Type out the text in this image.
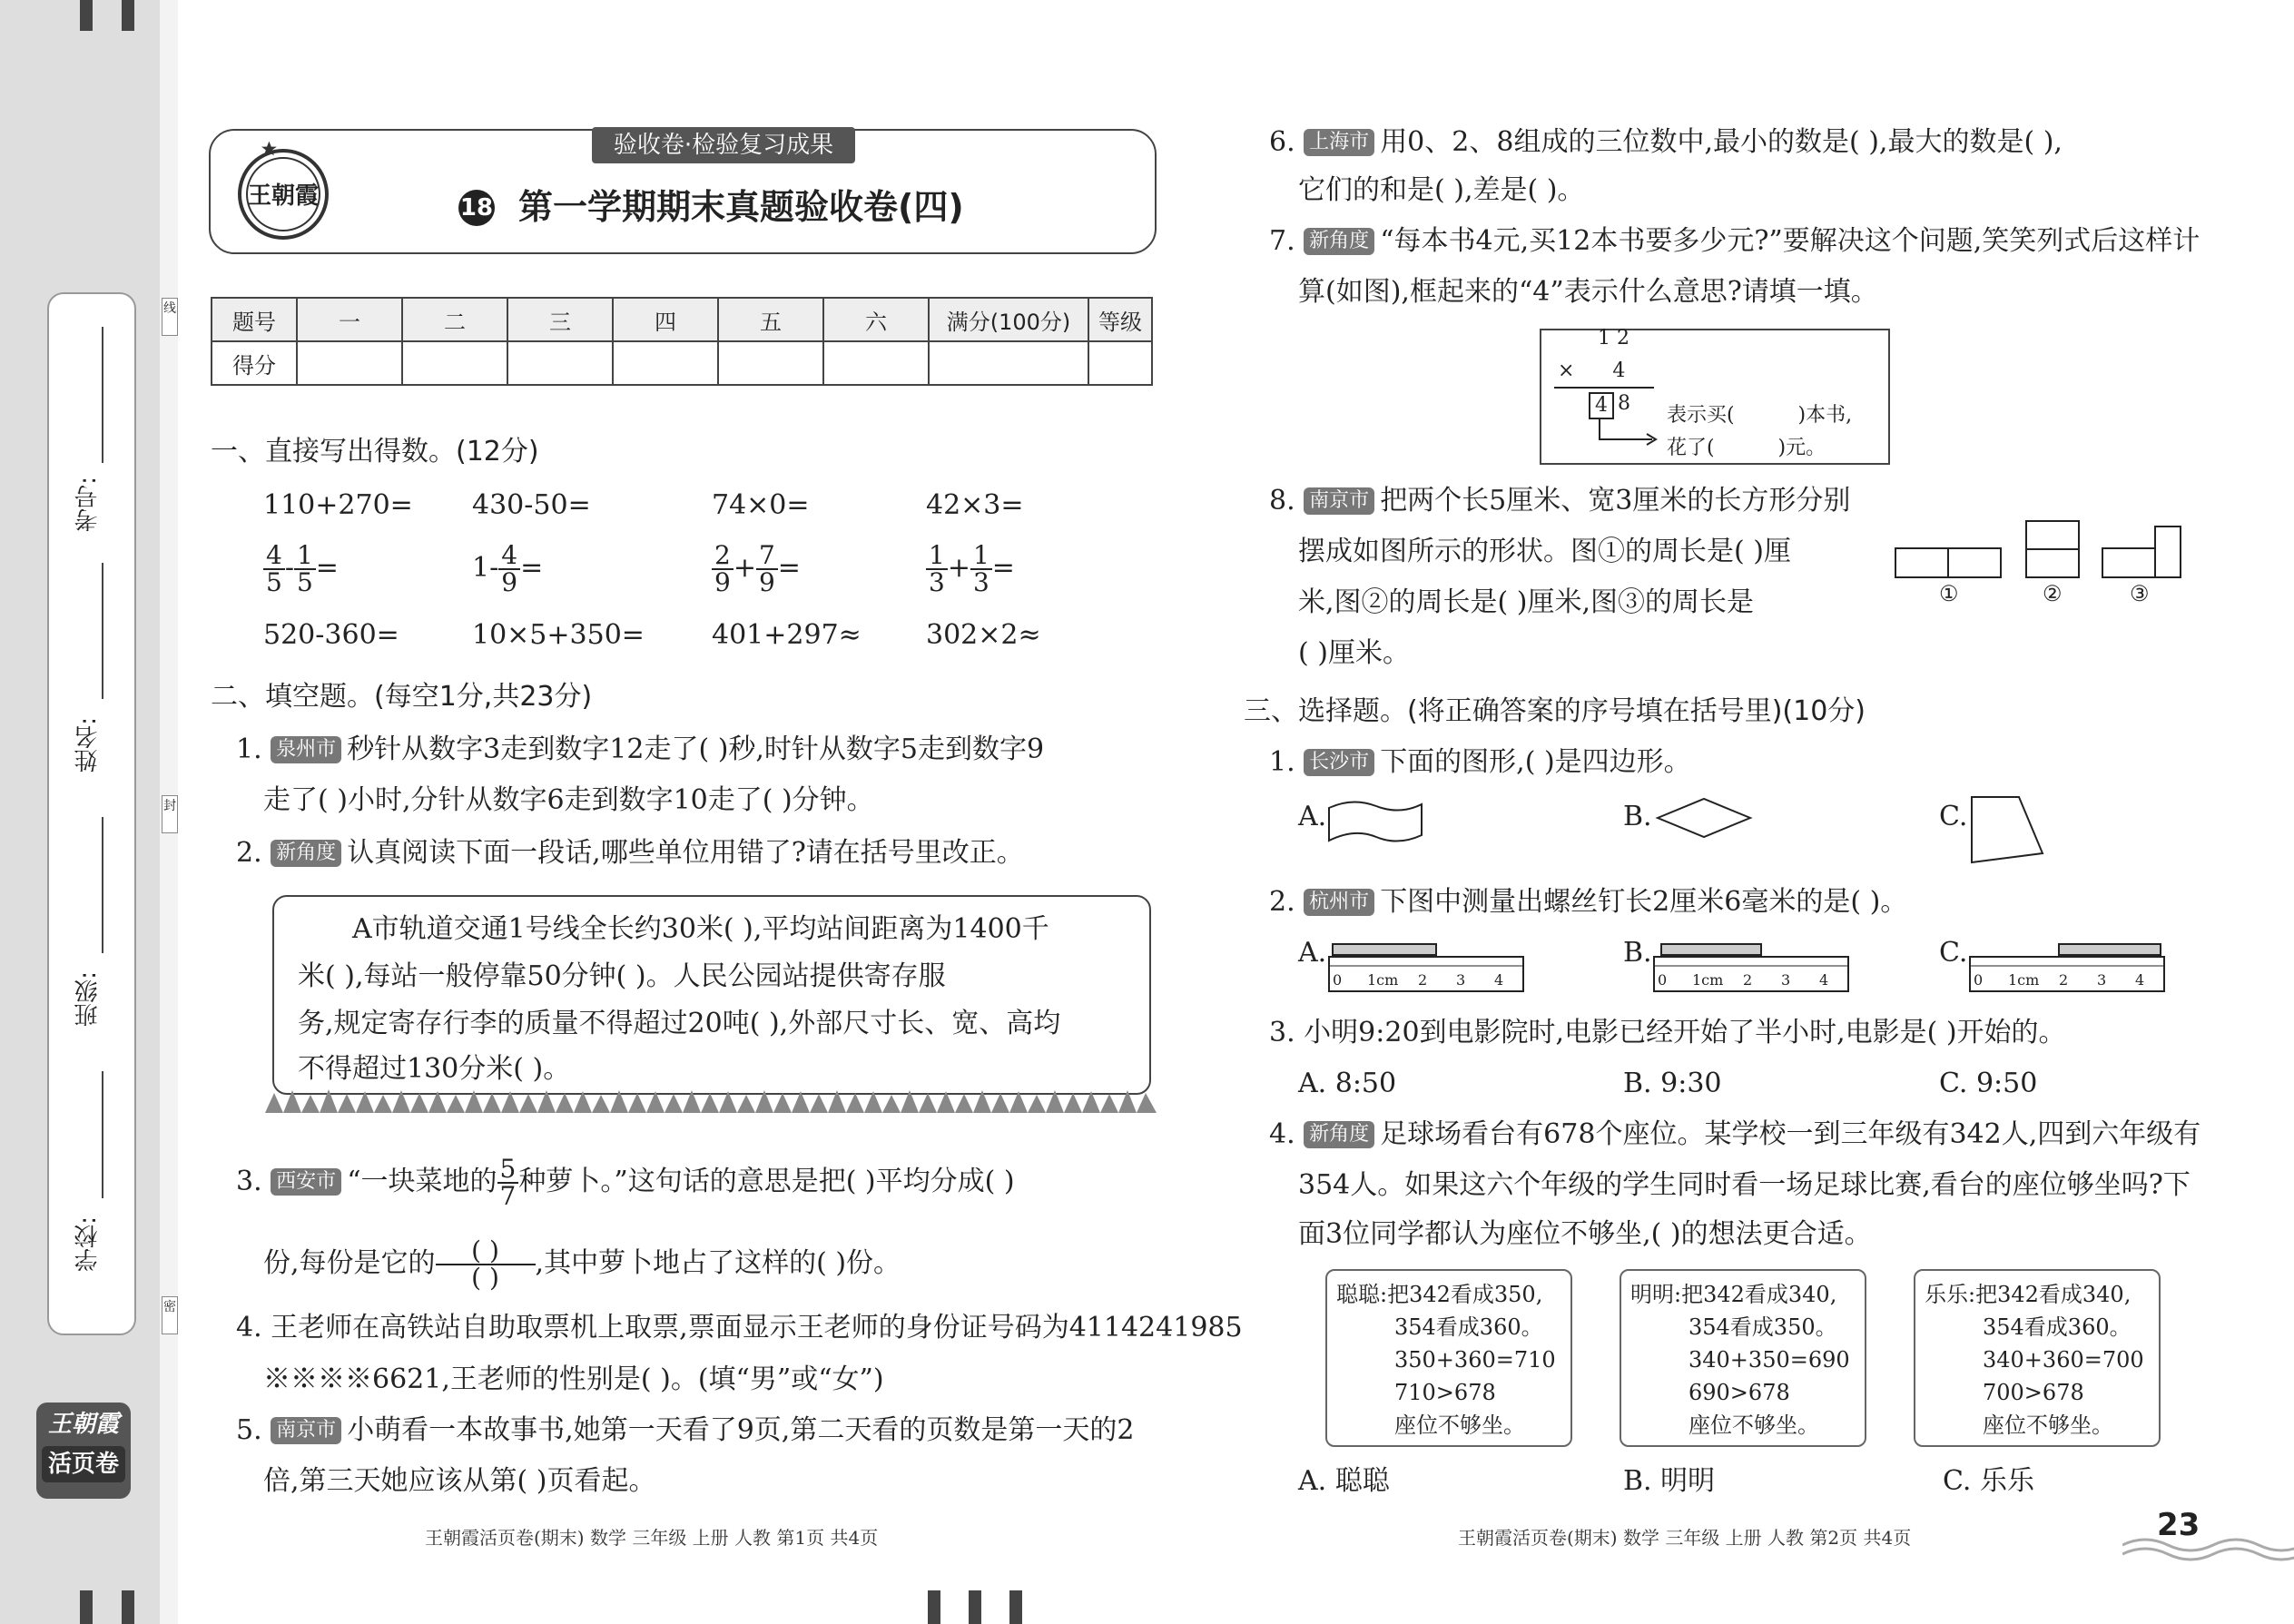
学校:
班级:
姓名:
考号:
线
封
密
王朝霞
活页卷
王朝霞
验收卷·检验复习成果
18 第一学期期末真题验收卷(四)
题号	一	二	三	四	五	六	满分(100分)	等级
得分								
一、直接写出得数。(12分)
110+270= 430-50=	74×0=	42×3=
$\frac{4}{5} - \frac{1}{5}$ =	$1- \frac{4}{9}$ =	$\frac{2}{9} + \frac{7}{9}$ =	$\frac{1}{3} + \frac{1}{3}$ =
520-360=	10×5+350= 401+297≈ 302×2≈
二、填空题。(每空1分,共23分)
1. 泉州市 秒针从数字3走到数字12走了( )秒,时针从数字5走到数字9
走了( )小时,分针从数字6走到数字10走了( )分钟。
2. 新角度 认真阅读下面一段话,哪些单位用错了?请在括号里改正。
A市轨道交通1号线全长约30米( ),平均站间距离为1400千
米( ),每站一般停靠50分钟( )。人民公园站提供寄存服
务,规定寄存行李的质量不得超过20吨( ),外部尺寸长、宽、高均
不得超过130分米( )。
3. 西安市 “一块菜地的 $\frac{5}{7}$ 种萝卜。”这句话的意思是把( )平均分成( )
份,每份是它的 $\frac{( )}{( )}$ ,其中萝卜地占了这样的( )份。
4. 王老师在高铁站自助取票机上取票,票面显示王老师的身份证号码为4114241985
※※※※6621,王老师的性别是( )。(填“男”或“女”)
5. 南京市 小萌看一本故事书,她第一天看了9页,第二天看的页数是第一天的2
倍,第三天她应该从第( )页看起。
王朝霞活页卷(期末) 数学 三年级 上册 人教 第1页 共4页
6. 上海市 用0、2、8组成的三位数中,最小的数是( ),最大的数是( ),
它们的和是( ),差是( )。
7. 新角度 “每本书4元,买12本书要多少元?”要解决这个问题,笑笑列式后这样计
算(如图),框起来的“4”表示什么意思?请填一填。
1 2
×      4
4 8
表示买(          )本书,
花了(          )元。
8. 南京市 把两个长5厘米、宽3厘米的长方形分别
摆成如图所示的形状。图①的周长是( )厘
米,图②的周长是( )厘米,图③的周长是
( )厘米。
①	②	③
三、选择题。(将正确答案的序号填在括号里)(10分)
1. 长沙市 下面的图形,( )是四边形。
A.	B.	C.
2. 杭州市 下图中测量出螺丝钉长2厘米6毫米的是( )。
A.	B.	C.
0 1cm 2 3 4	0 1cm 2 3 4	0 1cm 2 3 4
3. 小明9:20到电影院时,电影已经开始了半小时,电影是( )开始的。
A. 8:50	B. 9:30	C. 9:50
4. 新角度 足球场看台有678个座位。某学校一到三年级有342人,四到六年级有
354人。如果这六个年级的学生同时看一场足球比赛,看台的座位够坐吗?下
面3位同学都认为座位不够坐,( )的想法更合适。
聪聪:把342看成350,
354看成360。
350+360=710
710>678
座位不够坐。
明明:把342看成340,
354看成350。
340+350=690
690>678
座位不够坐。
乐乐:把342看成340,
354看成360。
340+360=700
700>678
座位不够坐。
A. 聪聪	B. 明明	C. 乐乐
王朝霞活页卷(期末) 数学 三年级 上册 人教 第2页 共4页	23
